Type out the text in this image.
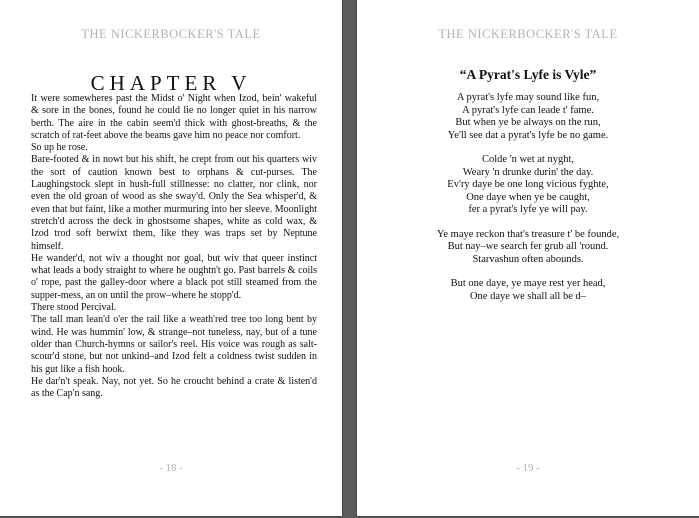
THE NICKERBOCKER'S TALE
CHAPTER V

It were somewheres past the Midst o' Night when Izod, bein' wakeful & sore in the bones, found he could lie no longer quiet in his narrow berth. The aire in the cabin seem'd thick with ghost-breaths, & the scratch of rat-feet above the beams gave him no peace nor comfort.

So up he rose.

Bare-footed & in nowt but his shift, he crept from out his quarters wiv the sort of caution known best to orphans & cut-purses. The Laughingstock slept in hush-full stillnesse: no clatter, nor clink, nor even the old groan of wood as she sway'd. Only the Sea whisper'd, & even that but faint, like a mother murmuring into her sleeve. Moonlight stretch'd across the deck in ghostsome shapes, white as cold wax, & Izod trod soft berwixt them, like they was traps set by Neptune himself.

He wander'd, not wiv a thought nor goal, but wiv that queer instinct what leads a body straight to where he oughtn't go. Past barrels & coils o' rope, past the galley-door where a black pot still steamed from the supper-mess, an on until the prow–where he stopp'd.

There stood Percival.

The tall man lean'd o'er the rail like a weath'red tree too long bent by wind. He was hummin' low, & strange–not tuneless, nay, but of a tune older than Church-hymns or sailor's reel. His voice was rough as salt-scour'd stone, but not unkind–and Izod felt a coldness twist sudden in his gut like a fish hook.

He dar'n't speak. Nay, not yet. So he croucht behind a crate & listen'd as the Cap'n sang.

- 18 -
THE NICKERBOCKER'S TALE
“A Pyrat's Lyfe is Vyle”
A pyrat's lyfe may sound like fun,
A pyrat's lyfe can leade t' fame.
But when ye be always on the run,
Ye'll see dat a pyrat's lyfe be no game.
Colde 'n wet at nyght,
Weary 'n drunke durin' the day.
Ev'ry daye be one long vicious fyghte,
One daye when ye be caught,
fer a pyrat's lyfe ye will pay.
Ye maye reckon that's treasure t' be founde,
But nay–we search fer grub all 'round.
Starvashun often abounds.
But one daye, ye maye rest yer head,
One daye we shall all be d–
- 19 -
